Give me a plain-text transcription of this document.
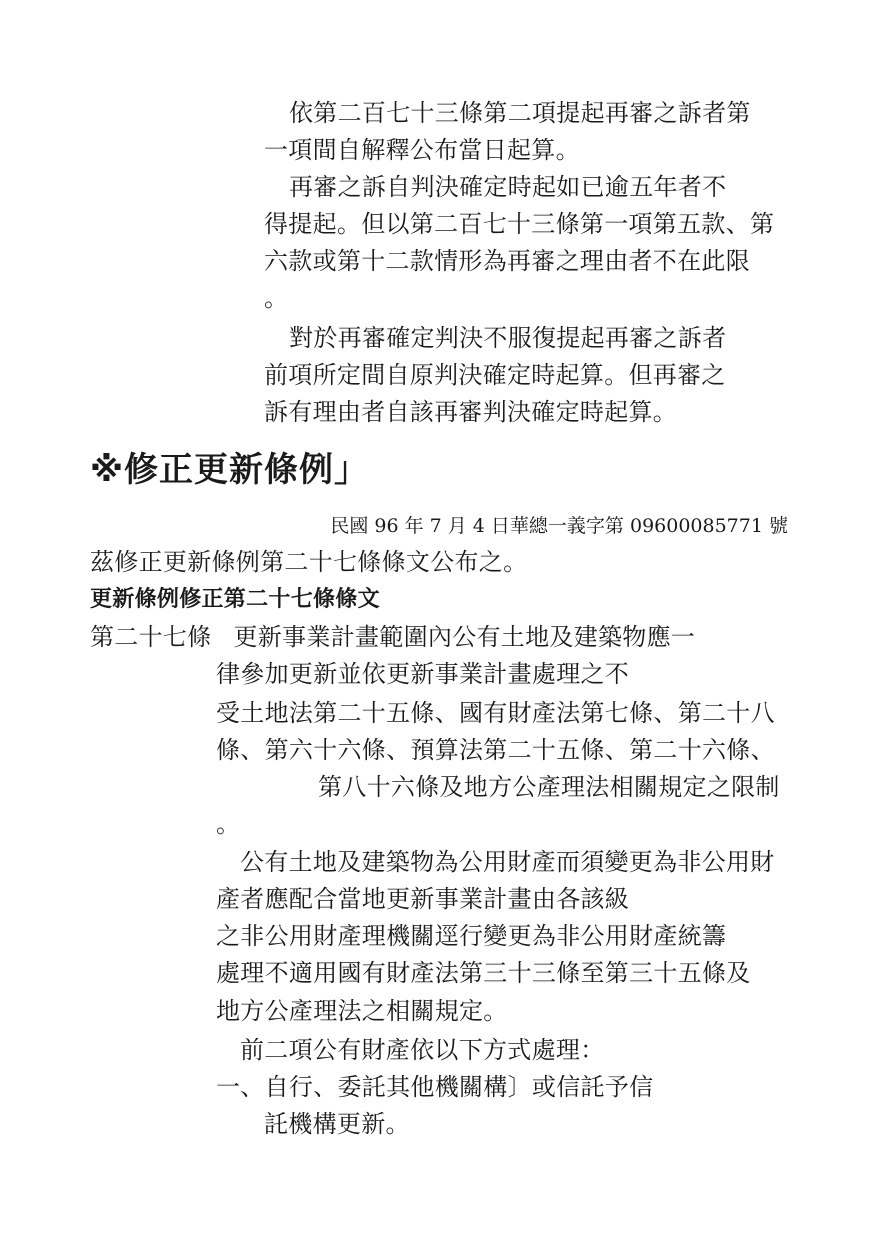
依第二百七十三條第二項提起再審之訴者第
一項間自解釋公布當日起算。
再審之訴自判決確定時起如已逾五年者不
得提起。但以第二百七十三條第一項第五款、第
六款或第十二款情形為再審之理由者不在此限
。
對於再審確定判決不服復提起再審之訴者
前項所定間自原判決確定時起算。但再審之
訴有理由者自該再審判決確定時起算。
※修正更新條例」
民國 96 年 7 月 4 日華總一義字第 09600085771 號
茲修正更新條例第二十七條條文公布之。
更新條例修正第二十七條條文
第二十七條 更新事業計畫範圍內公有土地及建築物應一
律參加更新並依更新事業計畫處理之不
受土地法第二十五條、國有財產法第七條、第二十八
條、第六十六條、預算法第二十五條、第二十六條、
第八十六條及地方公產理法相關規定之限制
。
公有土地及建築物為公用財產而須變更為非公用財
產者應配合當地更新事業計畫由各該級
之非公用財產理機關逕行變更為非公用財產統籌
處理不適用國有財產法第三十三條至第三十五條及
地方公產理法之相關規定。
前二項公有財產依以下方式處理：
一、自行、委託其他機關構〕或信託予信
託機構更新。
